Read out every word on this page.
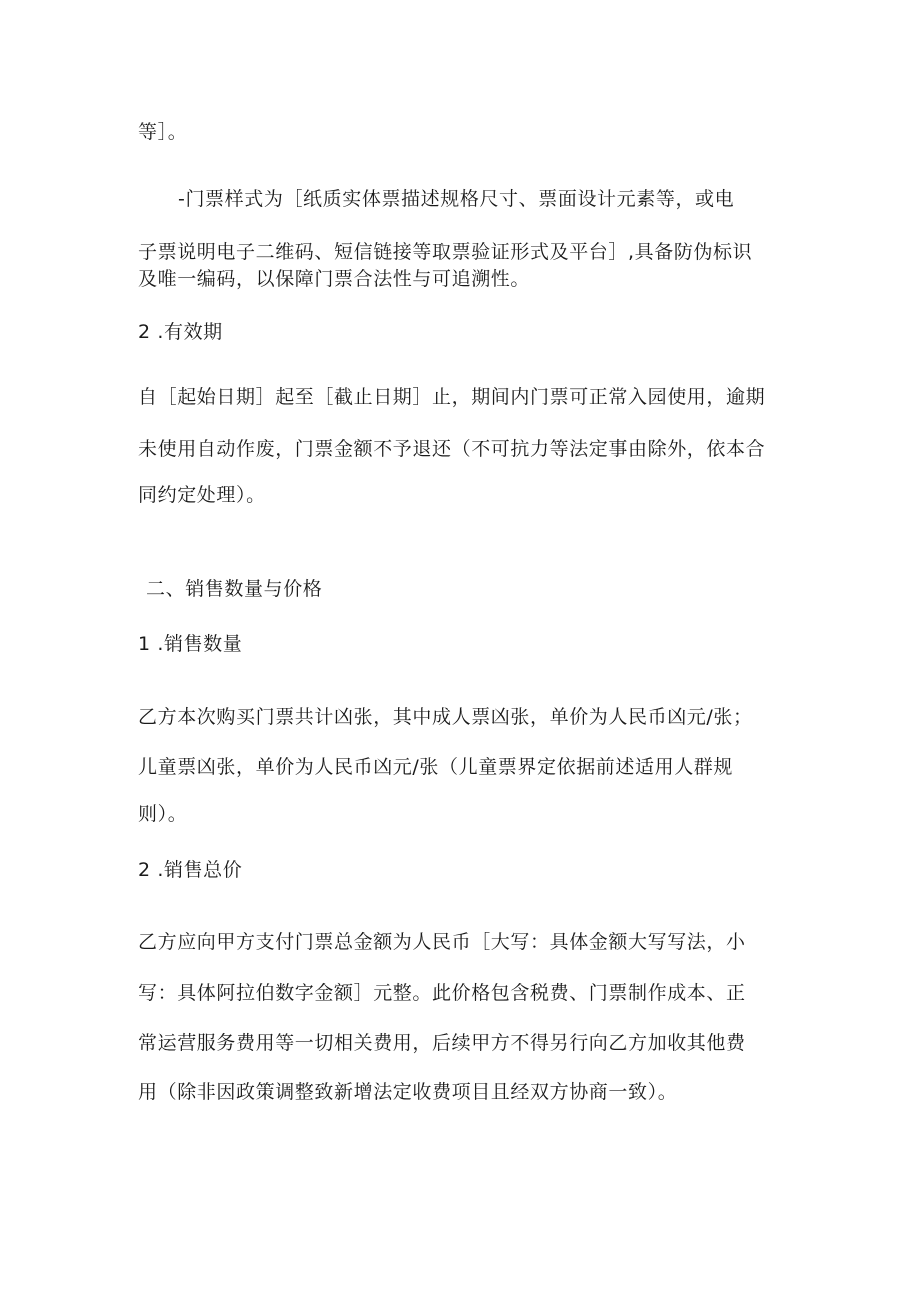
等］。
-门票样式为［纸质实体票描述规格尺寸、票面设计元素等，或电
子票说明电子二维码、短信链接等取票验证形式及平台］,具备防伪标识
及唯一编码，以保障门票合法性与可追溯性。
2 .有效期
自［起始日期］起至［截止日期］止，期间内门票可正常入园使用，逾期
未使用自动作废，门票金额不予退还（不可抗力等法定事由除外，依本合
同约定处理）。
二、销售数量与价格
1 .销售数量
乙方本次购买门票共计凶张，其中成人票凶张，单价为人民币凶元/张；
儿童票凶张，单价为人民币凶元/张（儿童票界定依据前述适用人群规
则）。
2 .销售总价
乙方应向甲方支付门票总金额为人民币［大写：具体金额大写写法，小
写：具体阿拉伯数字金额］元整。此价格包含税费、门票制作成本、正
常运营服务费用等一切相关费用，后续甲方不得另行向乙方加收其他费
用（除非因政策调整致新增法定收费项目且经双方协商一致）。
